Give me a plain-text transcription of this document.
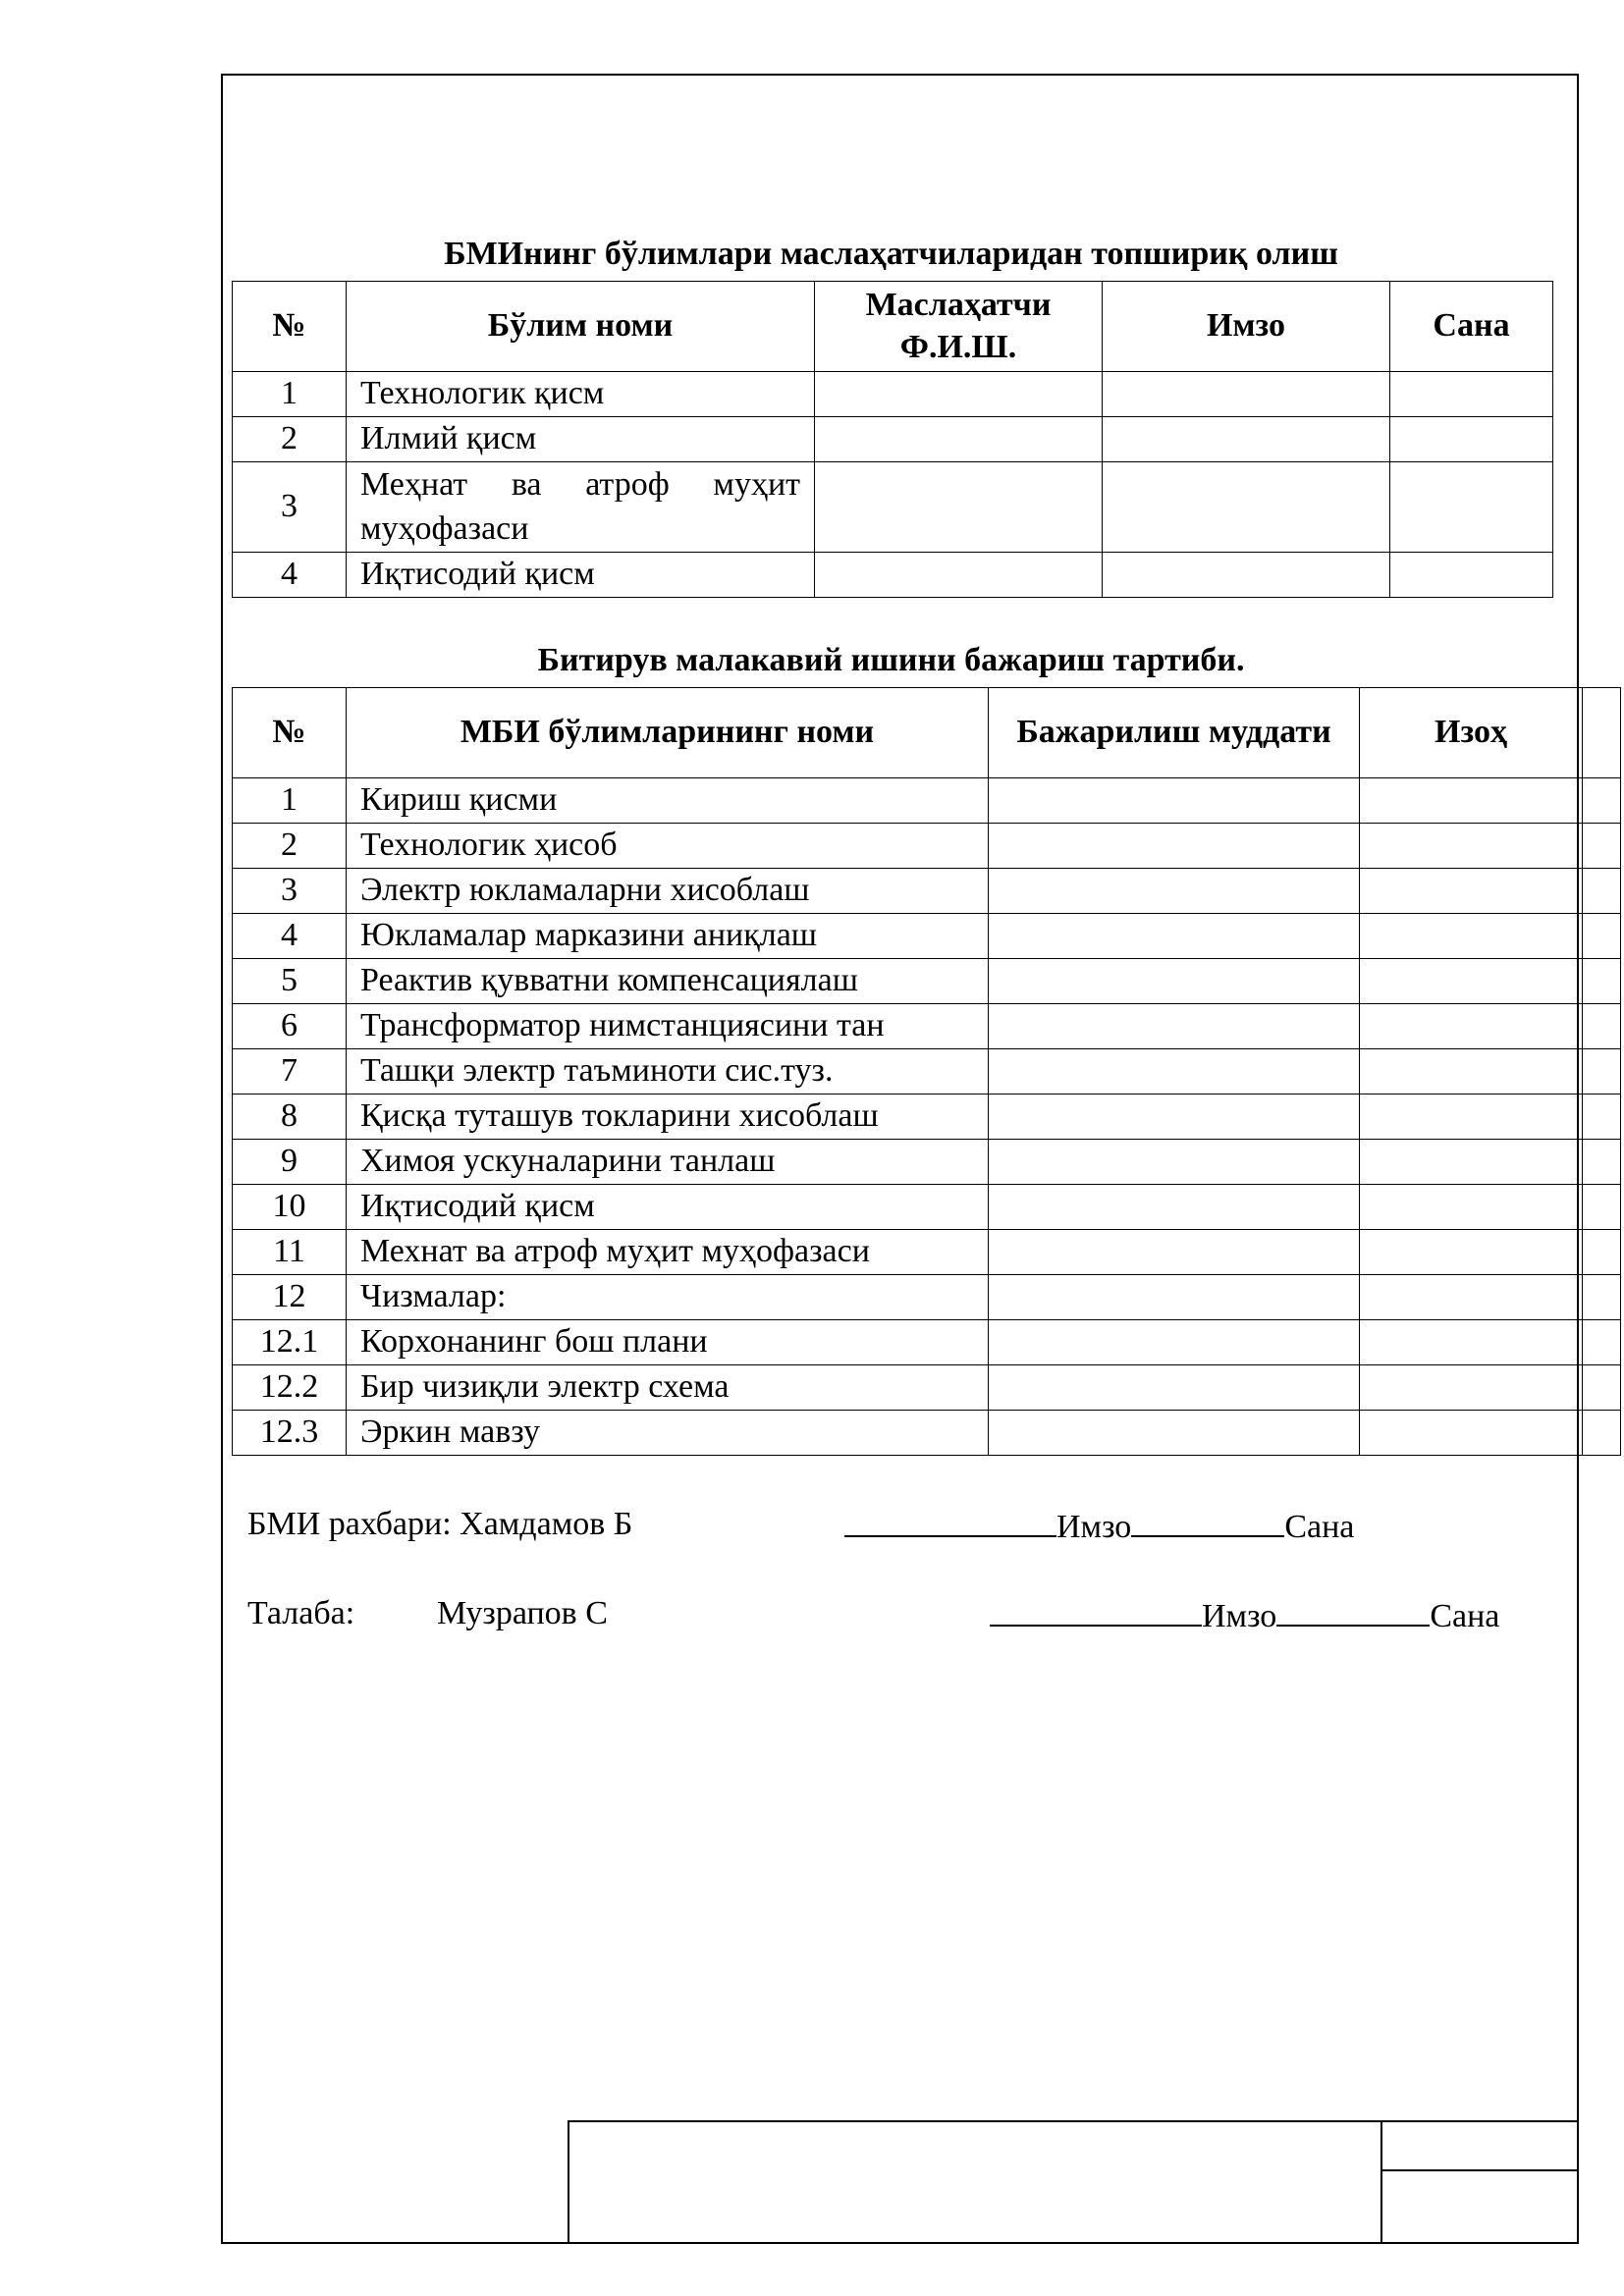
БМИнинг бўлимлари маслаҳатчиларидан топшириқ олиш
№	Бўлим номи	Маслаҳатчи Ф.И.Ш.	Имзо	Сана
1	Технологик қисм			
2	Илмий қисм			
3	Меҳнат ва атроф муҳит муҳофазаси			
4	Иқтисодий қисм			
Битирув малакавий ишини бажариш тартиби.
№	МБИ бўлимларининг номи	Бажарилиш муддати	Изоҳ	
1	Кириш қисми			
2	Технологик ҳисоб			
3	Электр юкламаларни хисоблаш			
4	Юкламалар марказини аниқлаш			
5	Реактив қувватни компенсациялаш			
6	Трансформатор нимстанциясини тан			
7	Ташқи электр таъминоти сис.туз.			
8	Қисқа туташув токларини хисоблаш			
9	Химоя ускуналарини танлаш			
10	Иқтисодий қисм			
11	Мехнат ва атроф муҳит муҳофазаси			
12	Чизмалар:			
12.1	Корхонанинг бош плани			
12.2	Бир чизиқли электр схема			
12.3	Эркин мавзу			
БМИ рахбари: Хамдамов Б	Имзо	Сана
Талаба: Музрапов С	Имзо	Сана
